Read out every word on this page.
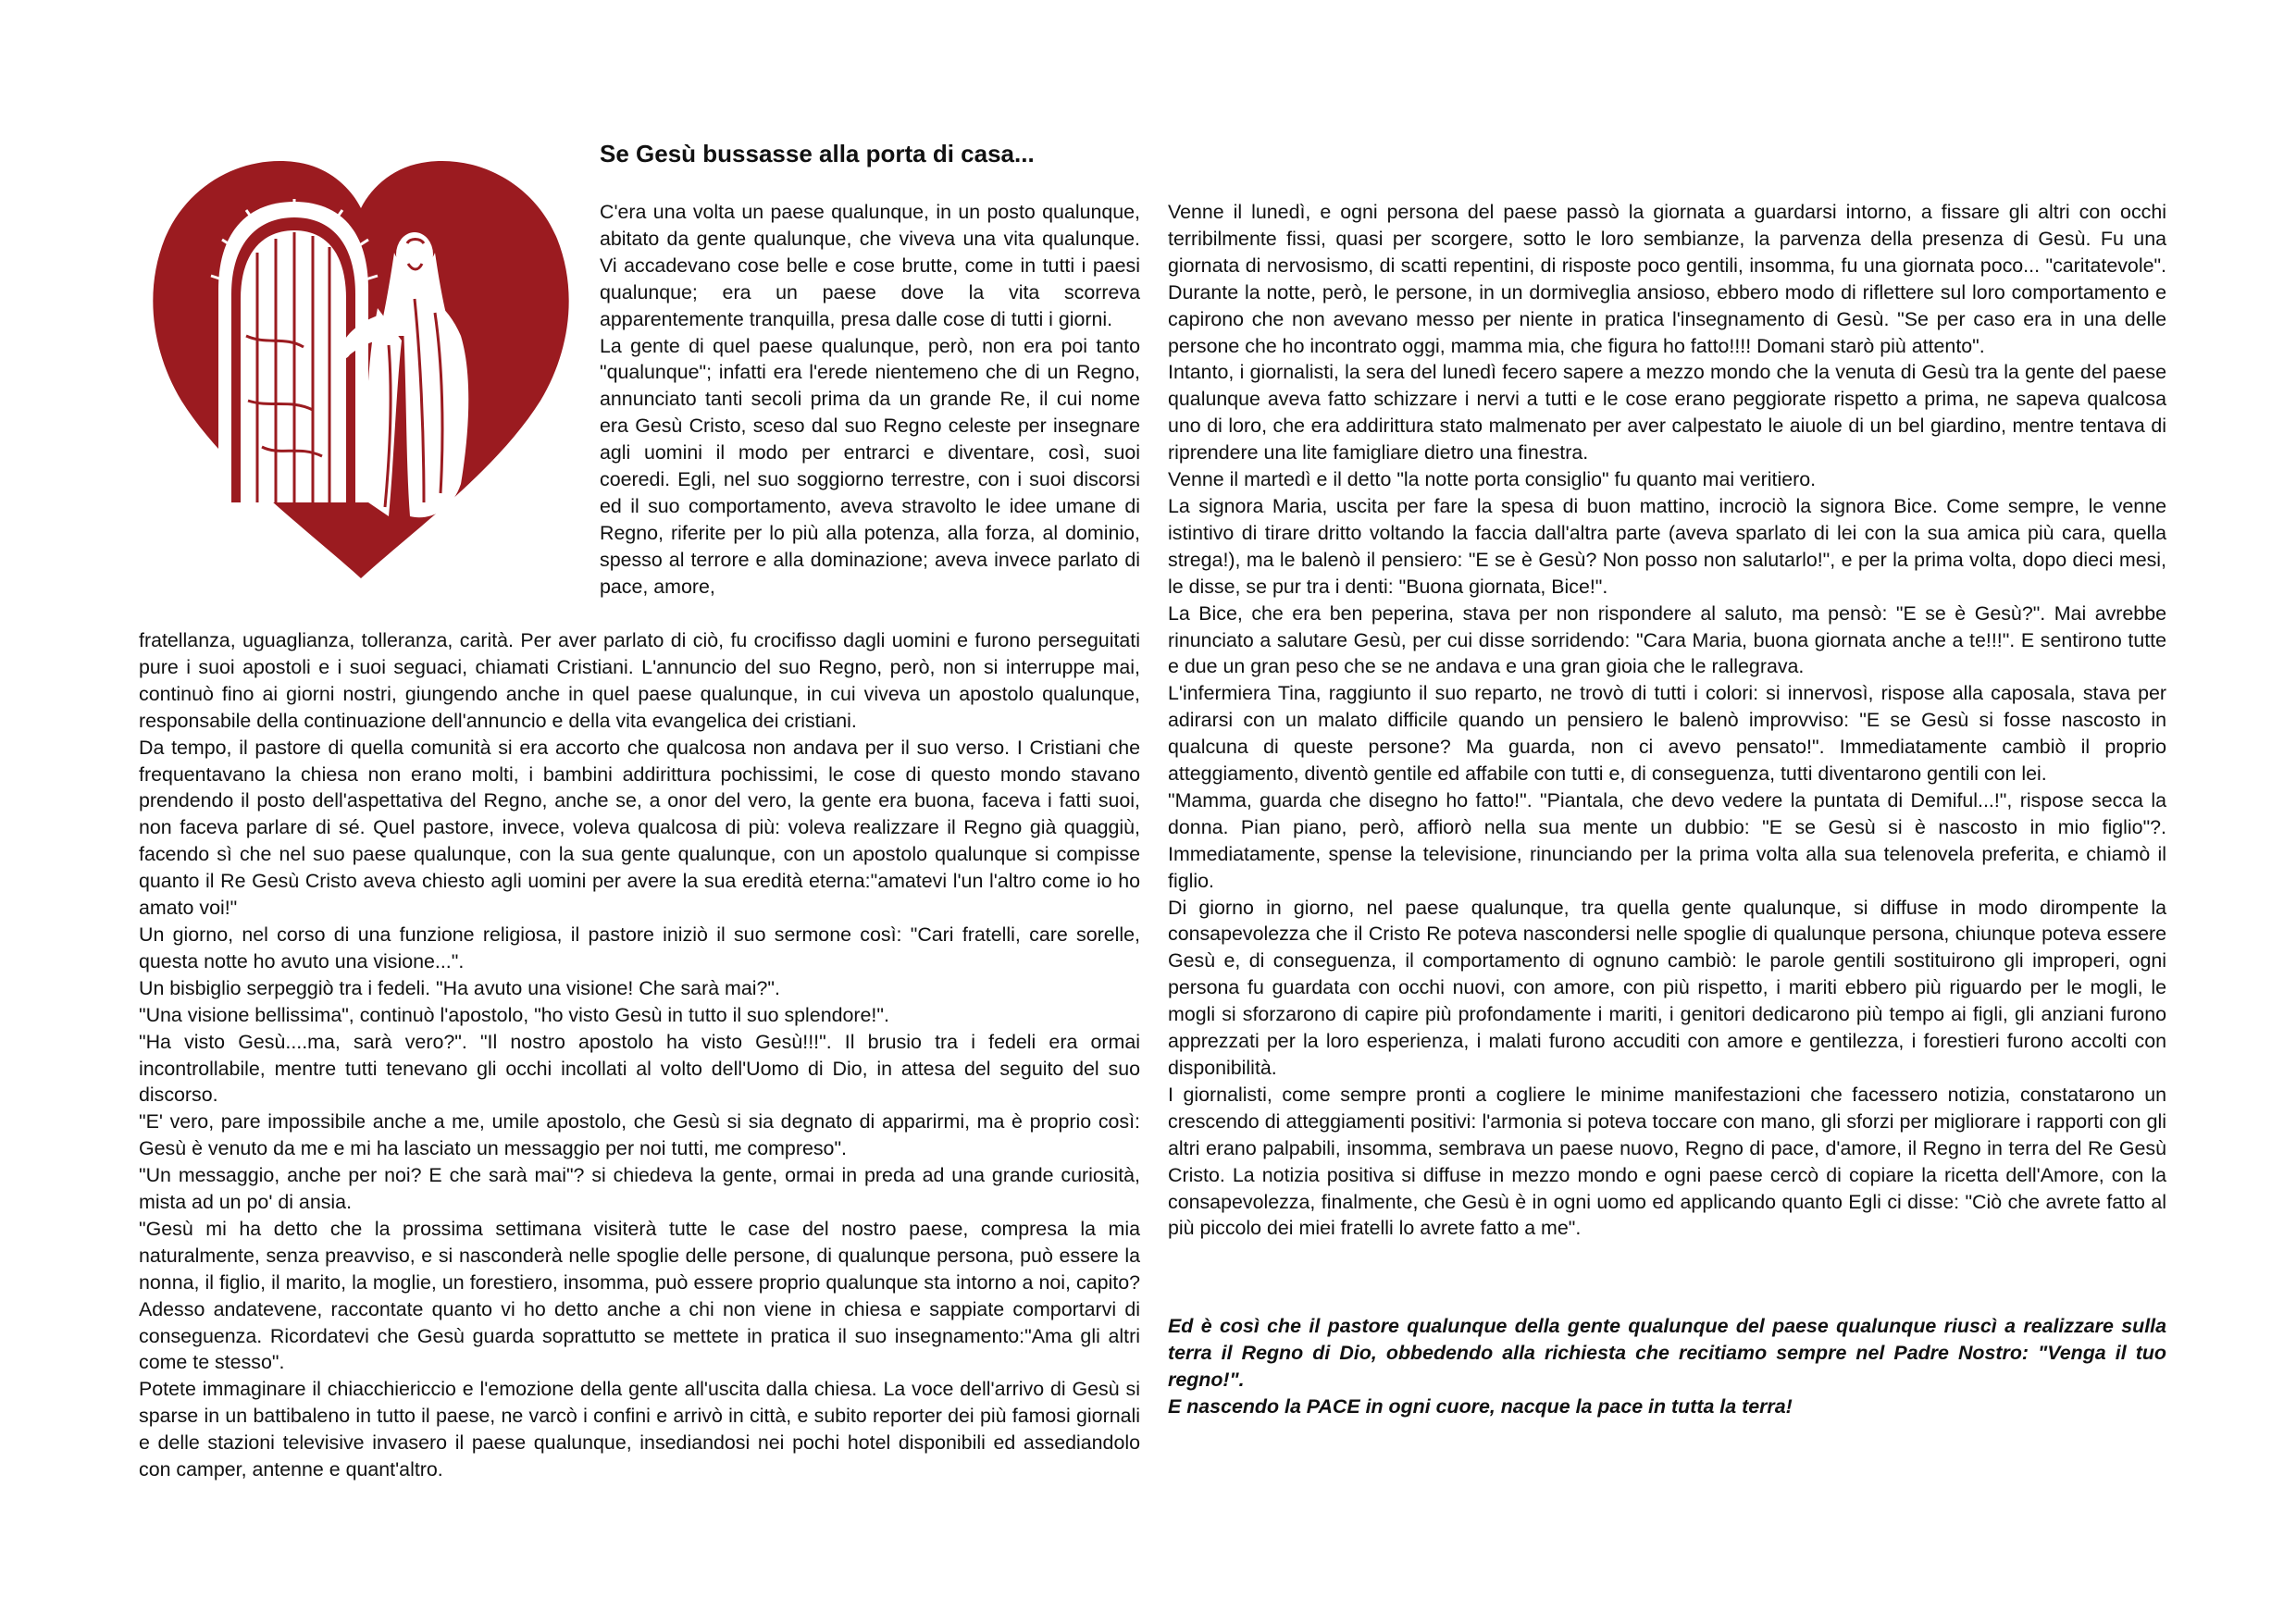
Se Gesù bussasse alla porta di casa...

C'era una volta un paese qualunque, in un posto qualunque, abitato da gente qualunque, che viveva una vita qualunque. Vi accadevano cose belle e cose brutte, come in tutti i paesi qualunque; era un paese dove la vita scorreva apparentemente tranquilla, presa dalle cose di tutti i giorni.

La gente di quel paese qualunque, però, non era poi tanto "qualunque"; infatti era l'erede nientemeno che di un Regno, annunciato tanti secoli prima da un grande Re, il cui nome era Gesù Cristo, sceso dal suo Regno celeste per insegnare agli uomini il modo per entrarci e diventare, così, suoi coeredi. Egli, nel suo soggiorno terrestre, con i suoi discorsi ed il suo comportamento, aveva stravolto le idee umane di Regno, riferite per lo più alla potenza, alla forza, al dominio, spesso al terrore e alla dominazione; aveva invece parlato di pace, amore,

fratellanza, uguaglianza, tolleranza, carità. Per aver parlato di ciò, fu crocifisso dagli uomini e furono perseguitati pure i suoi apostoli e i suoi seguaci, chiamati Cristiani. L'annuncio del suo Regno, però, non si interruppe mai, continuò fino ai giorni nostri, giungendo anche in quel paese qualunque, in cui viveva un apostolo qualunque, responsabile della continuazione dell'annuncio e della vita evangelica dei cristiani.

Da tempo, il pastore di quella comunità si era accorto che qualcosa non andava per il suo verso. I Cristiani che frequentavano la chiesa non erano molti, i bambini addirittura pochissimi, le cose di questo mondo stavano prendendo il posto dell'aspettativa del Regno, anche se, a onor del vero, la gente era buona, faceva i fatti suoi, non faceva parlare di sé. Quel pastore, invece, voleva qualcosa di più: voleva realizzare il Regno già quaggiù, facendo sì che nel suo paese qualunque, con la sua gente qualunque, con un apostolo qualunque si compisse quanto il Re Gesù Cristo aveva chiesto agli uomini per avere la sua eredità eterna:"amatevi l'un l'altro come io ho amato voi!"

Un giorno, nel corso di una funzione religiosa, il pastore iniziò il suo sermone così: "Cari fratelli, care sorelle, questa notte ho avuto una visione...".

Un bisbiglio serpeggiò tra i fedeli. "Ha avuto una visione! Che sarà mai?".

"Una visione bellissima", continuò l'apostolo, "ho visto Gesù in tutto il suo splendore!".

"Ha visto Gesù....ma, sarà vero?". "Il nostro apostolo ha visto Gesù!!!". Il brusio tra i fedeli era ormai incontrollabile, mentre tutti tenevano gli occhi incollati al volto dell'Uomo di Dio, in attesa del seguito del suo discorso.

"E' vero, pare impossibile anche a me, umile apostolo, che Gesù si sia degnato di apparirmi, ma è proprio così: Gesù è venuto da me e mi ha lasciato un messaggio per noi tutti, me compreso".

"Un messaggio, anche per noi? E che sarà mai"? si chiedeva la gente, ormai in preda ad una grande curiosità, mista ad un po' di ansia.

"Gesù mi ha detto che la prossima settimana visiterà tutte le case del nostro paese, compresa la mia naturalmente, senza preavviso, e si nasconderà nelle spoglie delle persone, di qualunque persona, può essere la nonna, il figlio, il marito, la moglie, un forestiero, insomma, può essere proprio qualunque sta intorno a noi, capito? Adesso andatevene, raccontate quanto vi ho detto anche a chi non viene in chiesa e sappiate comportarvi di conseguenza. Ricordatevi che Gesù guarda soprattutto se mettete in pratica il suo insegnamento:"Ama gli altri come te stesso".

Potete immaginare il chiacchiericcio e l'emozione della gente all'uscita dalla chiesa. La voce dell'arrivo di Gesù si sparse in un battibaleno in tutto il paese, ne varcò i confini e arrivò in città, e subito reporter dei più famosi giornali e delle stazioni televisive invasero il paese qualunque, insediandosi nei pochi hotel disponibili ed assediandolo con camper, antenne e quant'altro.

Venne il lunedì, e ogni persona del paese passò la giornata a guardarsi intorno, a fissare gli altri con occhi terribilmente fissi, quasi per scorgere, sotto le loro sembianze, la parvenza della presenza di Gesù. Fu una giornata di nervosismo, di scatti repentini, di risposte poco gentili, insomma, fu una giornata poco... "caritatevole". Durante la notte, però, le persone, in un dormiveglia ansioso, ebbero modo di riflettere sul loro comportamento e capirono che non avevano messo per niente in pratica l'insegnamento di Gesù. "Se per caso era in una delle persone che ho incontrato oggi, mamma mia, che figura ho fatto!!!! Domani starò più attento".

Intanto, i giornalisti, la sera del lunedì fecero sapere a mezzo mondo che la venuta di Gesù tra la gente del paese qualunque aveva fatto schizzare i nervi a tutti e le cose erano peggiorate rispetto a prima, ne sapeva qualcosa uno di loro, che era addirittura stato malmenato per aver calpestato le aiuole di un bel giardino, mentre tentava di riprendere una lite famigliare dietro una finestra.

Venne il martedì e il detto "la notte porta consiglio" fu quanto mai veritiero.

La signora Maria, uscita per fare la spesa di buon mattino, incrociò la signora Bice. Come sempre, le venne istintivo di tirare dritto voltando la faccia dall'altra parte (aveva sparlato di lei con la sua amica più cara, quella strega!), ma le balenò il pensiero: "E se è Gesù? Non posso non salutarlo!", e per la prima volta, dopo dieci mesi, le disse, se pur tra i denti: "Buona giornata, Bice!".

La Bice, che era ben peperina, stava per non rispondere al saluto, ma pensò: "E se è Gesù?". Mai avrebbe rinunciato a salutare Gesù, per cui disse sorridendo: "Cara Maria, buona giornata anche a te!!!". E sentirono tutte e due un gran peso che se ne andava e una gran gioia che le rallegrava.

L'infermiera Tina, raggiunto il suo reparto, ne trovò di tutti i colori: si innervosì, rispose alla caposala, stava per adirarsi con un malato difficile quando un pensiero le balenò improvviso: "E se Gesù si fosse nascosto in qualcuna di queste persone? Ma guarda, non ci avevo pensato!". Immediatamente cambiò il proprio atteggiamento, diventò gentile ed affabile con tutti e, di conseguenza, tutti diventarono gentili con lei.

"Mamma, guarda che disegno ho fatto!". "Piantala, che devo vedere la puntata di Demiful...!", rispose secca la donna. Pian piano, però, affiorò nella sua mente un dubbio: "E se Gesù si è nascosto in mio figlio"?. Immediatamente, spense la televisione, rinunciando per la prima volta alla sua telenovela preferita, e chiamò il figlio.

Di giorno in giorno, nel paese qualunque, tra quella gente qualunque, si diffuse in modo dirompente la consapevolezza che il Cristo Re poteva nascondersi nelle spoglie di qualunque persona, chiunque poteva essere Gesù e, di conseguenza, il comportamento di ognuno cambiò: le parole gentili sostituirono gli improperi, ogni persona fu guardata con occhi nuovi, con amore, con più rispetto, i mariti ebbero più riguardo per le mogli, le mogli si sforzarono di capire più profondamente i mariti, i genitori dedicarono più tempo ai figli, gli anziani furono apprezzati per la loro esperienza, i malati furono accuditi con amore e gentilezza, i forestieri furono accolti con disponibilità.

I giornalisti, come sempre pronti a cogliere le minime manifestazioni che facessero notizia, constatarono un crescendo di atteggiamenti positivi: l'armonia si poteva toccare con mano, gli sforzi per migliorare i rapporti con gli altri erano palpabili, insomma, sembrava un paese nuovo, Regno di pace, d'amore, il Regno in terra del Re Gesù Cristo. La notizia positiva si diffuse in mezzo mondo e ogni paese cercò di copiare la ricetta dell'Amore, con la consapevolezza, finalmente, che Gesù è in ogni uomo ed applicando quanto Egli ci disse: "Ciò che avrete fatto al più piccolo dei miei fratelli lo avrete fatto a me".

Ed è così che il pastore qualunque della gente qualunque del paese qualunque riuscì a realizzare sulla terra il Regno di Dio, obbedendo alla richiesta che recitiamo sempre nel Padre Nostro: "Venga il tuo regno!".

E nascendo la PACE in ogni cuore, nacque la pace in tutta la terra!
